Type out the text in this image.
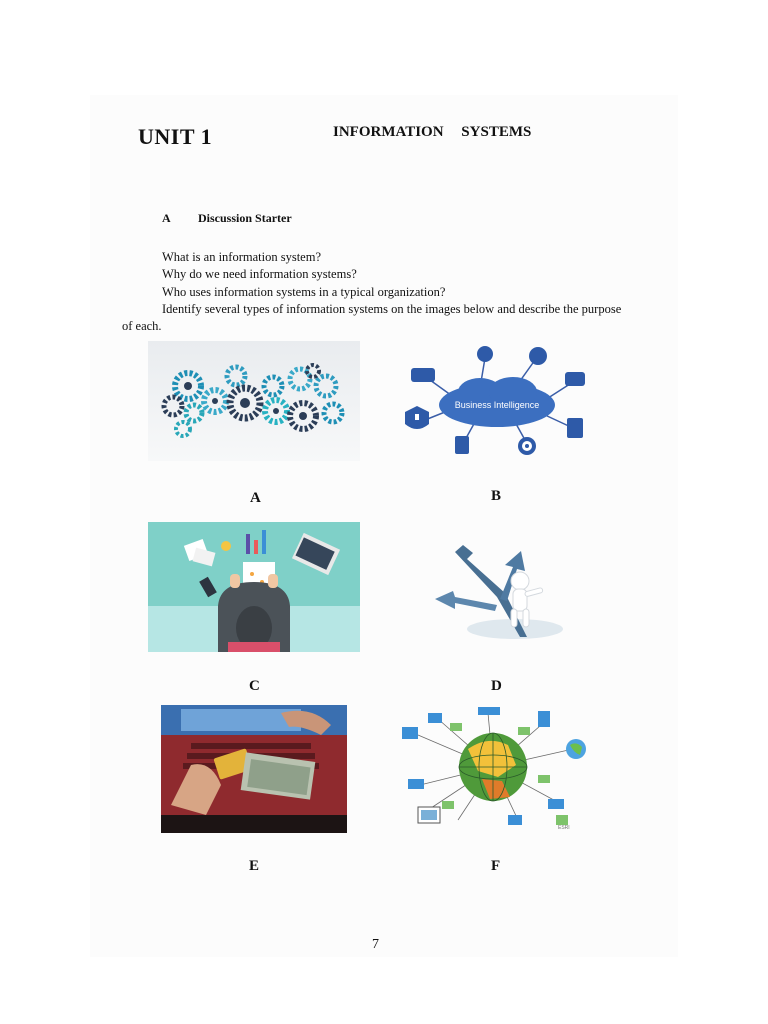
UNIT 1	INFORMATION SYSTEMS
A Discussion Starter
What is an information system?
Why do we need information systems?
Who uses information systems in a typical organization?
Identify several types of information systems on the images below and describe the purpose
of each.
A
Business Intelligence
B
C	D
E
ESRI
F
7
